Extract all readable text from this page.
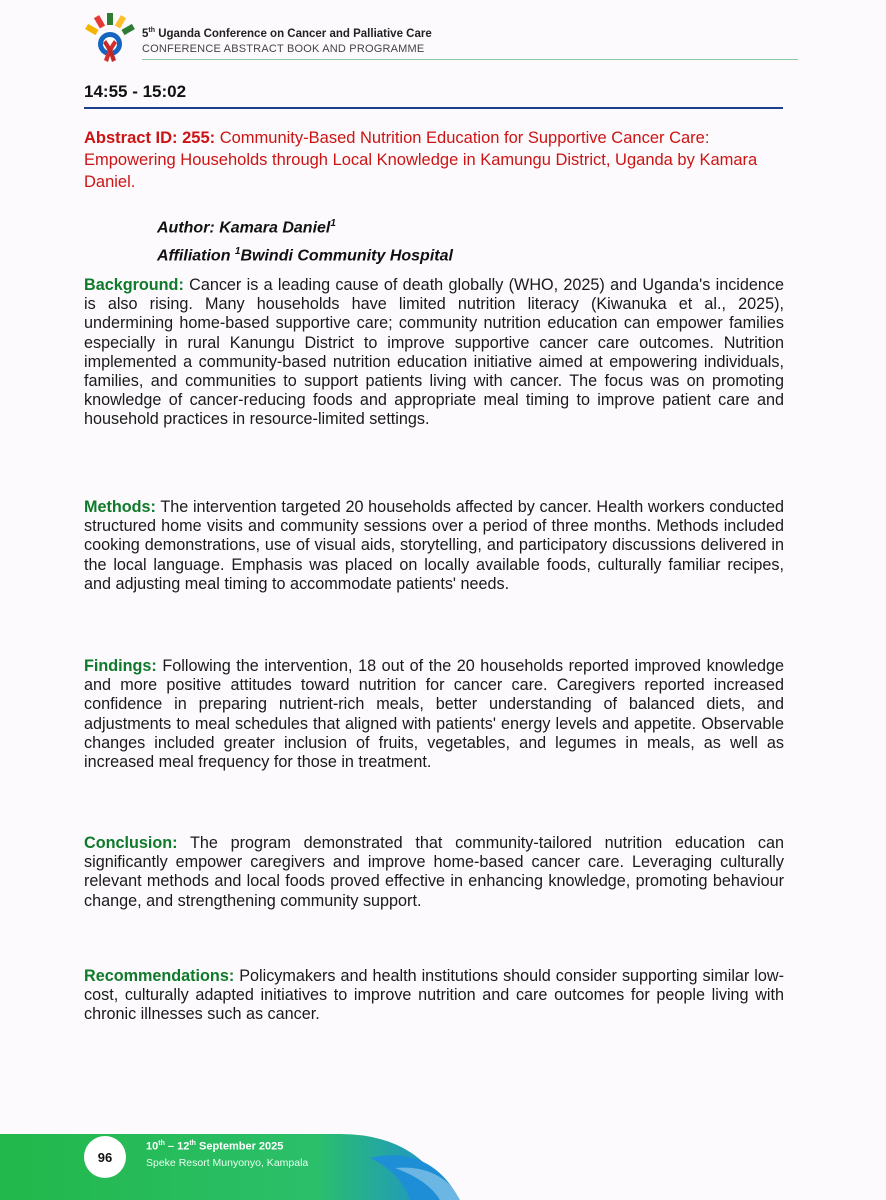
5th Uganda Conference on Cancer and Palliative Care
CONFERENCE ABSTRACT BOOK AND PROGRAMME
14:55 - 15:02
Abstract ID: 255: Community-Based Nutrition Education for Supportive Cancer Care: Empowering Households through Local Knowledge in Kamungu District, Uganda by Kamara Daniel.
Author: Kamara Daniel$^1$
Affiliation $^1$Bwindi Community Hospital
Background: Cancer is a leading cause of death globally (WHO, 2025) and Uganda's incidence is also rising. Many households have limited nutrition literacy (Kiwanuka et al., 2025), undermining home-based supportive care; community nutrition education can empower families especially in rural Kanungu District to improve supportive cancer care outcomes. Nutrition implemented a community-based nutrition education initiative aimed at empowering individuals, families, and communities to support patients living with cancer. The focus was on promoting knowledge of cancer-reducing foods and appropriate meal timing to improve patient care and household practices in resource-limited settings.
Methods: The intervention targeted 20 households affected by cancer. Health workers conducted structured home visits and community sessions over a period of three months. Methods included cooking demonstrations, use of visual aids, storytelling, and participatory discussions delivered in the local language. Emphasis was placed on locally available foods, culturally familiar recipes, and adjusting meal timing to accommodate patients' needs.
Findings: Following the intervention, 18 out of the 20 households reported improved knowledge and more positive attitudes toward nutrition for cancer care. Caregivers reported increased confidence in preparing nutrient-rich meals, better understanding of balanced diets, and adjustments to meal schedules that aligned with patients' energy levels and appetite. Observable changes included greater inclusion of fruits, vegetables, and legumes in meals, as well as increased meal frequency for those in treatment.
Conclusion: The program demonstrated that community-tailored nutrition education can significantly empower caregivers and improve home-based cancer care. Leveraging culturally relevant methods and local foods proved effective in enhancing knowledge, promoting behaviour change, and strengthening community support.
Recommendations: Policymakers and health institutions should consider supporting similar low-cost, culturally adapted initiatives to improve nutrition and care outcomes for people living with chronic illnesses such as cancer.
96
10th – 12th September 2025
Speke Resort Munyonyo, Kampala
